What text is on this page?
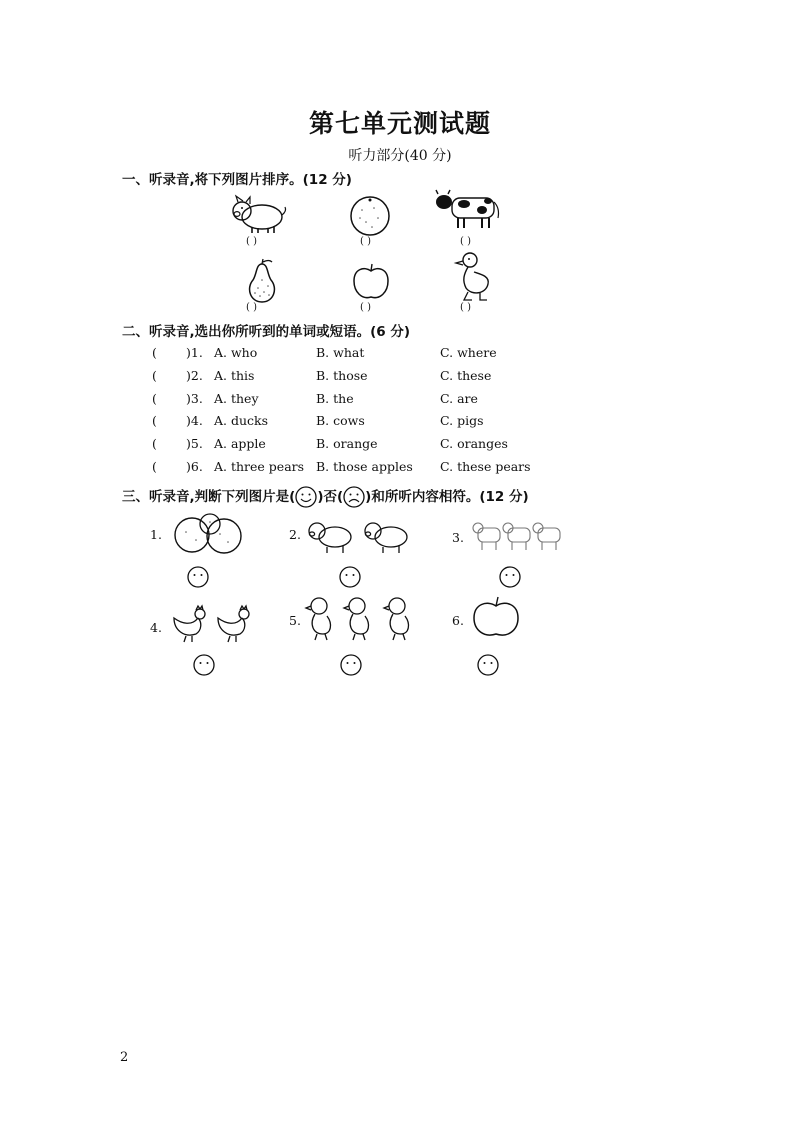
第七单元测试题
听力部分(40 分)
一、听录音,将下列图片排序。(12 分)
( )	( )	( )
( )	( )	( )
二、听录音,选出你所听到的单词或短语。(6 分)
( )1. A. who	B. what	C. where
( )2. A. this	B. those	C. these
( )3. A. they	B. the	C. are
( )4. A. ducks	B. cows	C. pigs
( )5. A. apple	B. orange	C. oranges
( )6. A. three pears B. those apples C. these pears
三、听录音,判断下列图片是( )否( )和所听内容相符。(12 分)
1.	2.	3.
4.	5.	6.
2
